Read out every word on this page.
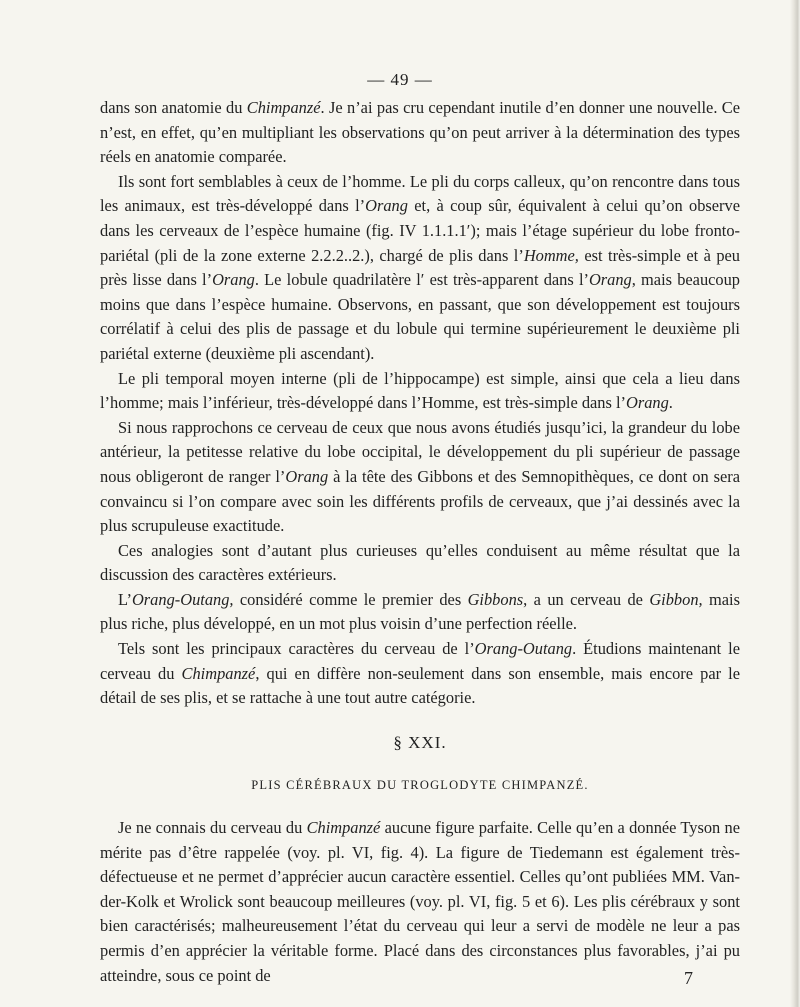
— 49 —

dans son anatomie du Chimpanzé. Je n’ai pas cru cependant inutile d’en donner une nouvelle. Ce n’est, en effet, qu’en multipliant les observations qu’on peut arriver à la détermination des types réels en anatomie comparée.

Ils sont fort semblables à ceux de l’homme. Le pli du corps calleux, qu’on rencontre dans tous les animaux, est très-développé dans l’Orang et, à coup sûr, équivalent à celui qu’on observe dans les cerveaux de l’espèce humaine (fig. IV 1.1.1.1′); mais l’étage supérieur du lobe fronto-pariétal (pli de la zone externe 2.2.2..2.), chargé de plis dans l’Homme, est très-simple et à peu près lisse dans l’Orang. Le lobule quadrilatère l′ est très-apparent dans l’Orang, mais beaucoup moins que dans l’espèce humaine. Observons, en passant, que son développement est toujours corrélatif à celui des plis de passage et du lobule qui termine supérieurement le deuxième pli pariétal externe (deuxième pli ascendant).

Le pli temporal moyen interne (pli de l’hippocampe) est simple, ainsi que cela a lieu dans l’homme; mais l’inférieur, très-développé dans l’Homme, est très-simple dans l’Orang.

Si nous rapprochons ce cerveau de ceux que nous avons étudiés jusqu’ici, la grandeur du lobe antérieur, la petitesse relative du lobe occipital, le développement du pli supérieur de passage nous obligeront de ranger l’Orang à la tête des Gibbons et des Semnopithèques, ce dont on sera convaincu si l’on compare avec soin les différents profils de cerveaux, que j’ai dessinés avec la plus scrupuleuse exactitude.

Ces analogies sont d’autant plus curieuses qu’elles conduisent au même résultat que la discussion des caractères extérieurs.

L’Orang-Outang, considéré comme le premier des Gibbons, a un cerveau de Gibbon, mais plus riche, plus développé, en un mot plus voisin d’une perfection réelle.

Tels sont les principaux caractères du cerveau de l’Orang-Outang. Étudions maintenant le cerveau du Chimpanzé, qui en diffère non-seulement dans son ensemble, mais encore par le détail de ses plis, et se rattache à une tout autre catégorie.

§ XXI.
PLIS CÉRÉBRAUX DU TROGLODYTE CHIMPANZÉ.

Je ne connais du cerveau du Chimpanzé aucune figure parfaite. Celle qu’en a donnée Tyson ne mérite pas d’être rappelée (voy. pl. VI, fig. 4). La figure de Tiedemann est également très-défectueuse et ne permet d’apprécier aucun caractère essentiel. Celles qu’ont publiées MM. Van-der-Kolk et Wrolick sont beaucoup meilleures (voy. pl. VI, fig. 5 et 6). Les plis cérébraux y sont bien caractérisés; malheureusement l’état du cerveau qui leur a servi de modèle ne leur a pas permis d’en apprécier la véritable forme. Placé dans des circonstances plus favorables, j’ai pu atteindre, sous ce point de	7
